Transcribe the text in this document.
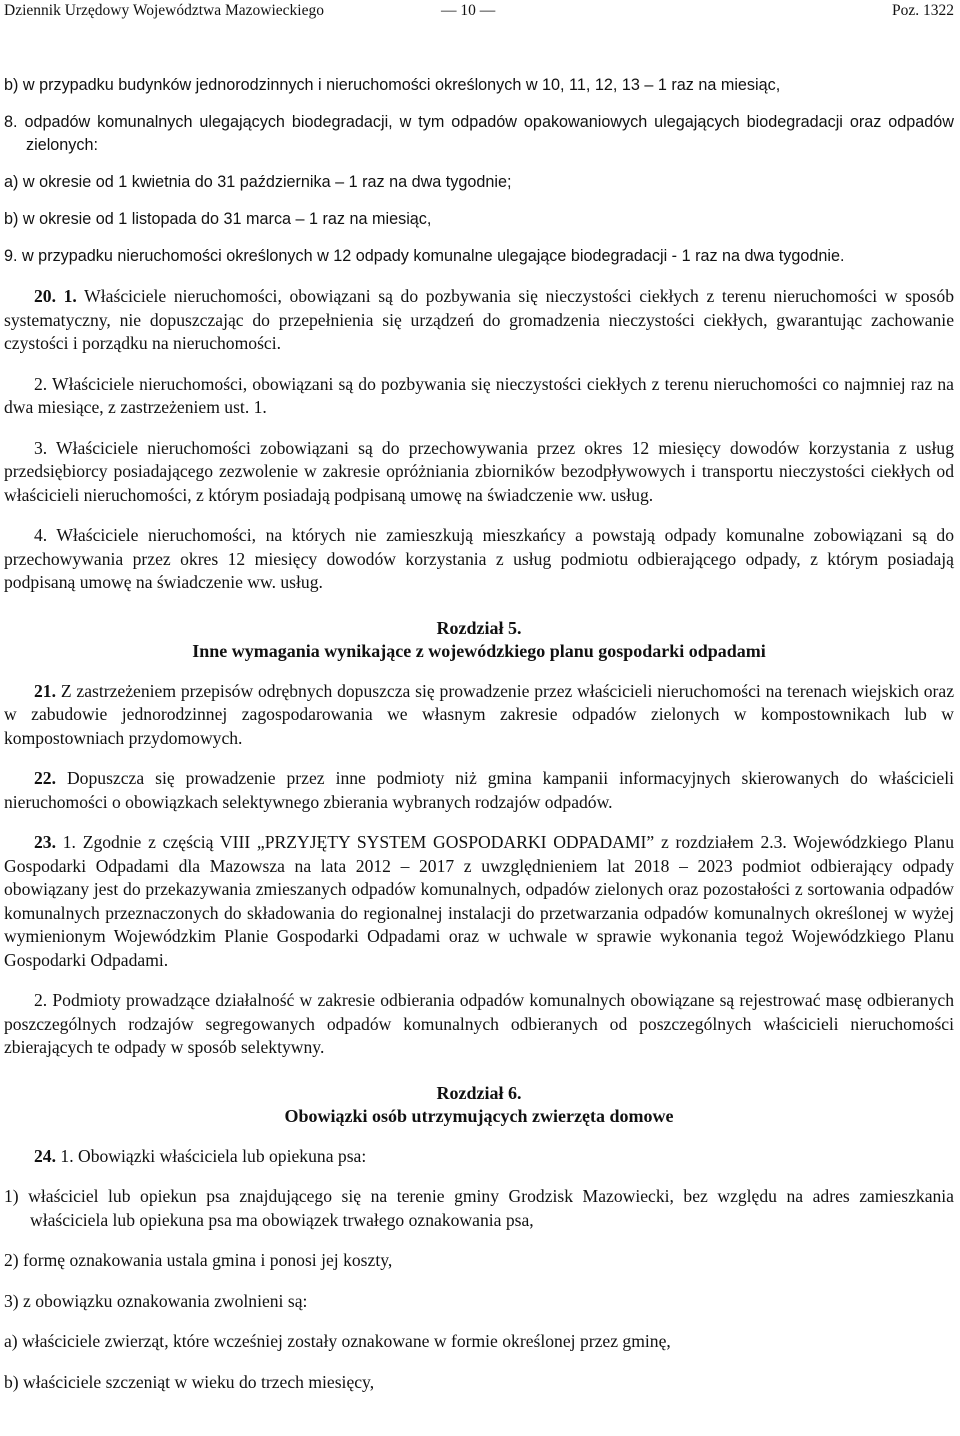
Dziennik Urzędowy Województwa Mazowieckiego	— 10 —	Poz. 1322

b) w przypadku budynków jednorodzinnych i nieruchomości określonych w 10, 11, 12, 13 – 1 raz na miesiąc,

8. odpadów komunalnych ulegających biodegradacji, w tym odpadów opakowaniowych ulegających biodegradacji oraz odpadów zielonych:

a) w okresie od 1 kwietnia do 31 października – 1 raz na dwa tygodnie;

b) w okresie od 1 listopada do 31 marca – 1 raz na miesiąc,

9. w przypadku nieruchomości określonych w 12 odpady komunalne ulegające biodegradacji - 1 raz na dwa tygodnie.

20. 1. Właściciele nieruchomości, obowiązani są do pozbywania się nieczystości ciekłych z terenu nieruchomości w sposób systematyczny, nie dopuszczając do przepełnienia się urządzeń do gromadzenia nieczystości ciekłych, gwarantując zachowanie czystości i porządku na nieruchomości.

2. Właściciele nieruchomości, obowiązani są do pozbywania się nieczystości ciekłych z terenu nieruchomości co najmniej raz na dwa miesiące, z zastrzeżeniem ust. 1.

3. Właściciele nieruchomości zobowiązani są do przechowywania przez okres 12 miesięcy dowodów korzystania z usług przedsiębiorcy posiadającego zezwolenie w zakresie opróżniania zbiorników bezodpływowych i transportu nieczystości ciekłych od właścicieli nieruchomości, z którym posiadają podpisaną umowę na świadczenie ww. usług.

4. Właściciele nieruchomości, na których nie zamieszkują mieszkańcy a powstają odpady komunalne zobowiązani są do przechowywania przez okres 12 miesięcy dowodów korzystania z usług podmiotu odbierającego odpady, z którym posiadają podpisaną umowę na świadczenie ww. usług.

Rozdział 5.
Inne wymagania wynikające z wojewódzkiego planu gospodarki odpadami

21. Z zastrzeżeniem przepisów odrębnych dopuszcza się prowadzenie przez właścicieli nieruchomości na terenach wiejskich oraz w zabudowie jednorodzinnej zagospodarowania we własnym zakresie odpadów zielonych w kompostownikach lub w kompostowniach przydomowych.

22. Dopuszcza się prowadzenie przez inne podmioty niż gmina kampanii informacyjnych skierowanych do właścicieli nieruchomości o obowiązkach selektywnego zbierania wybranych rodzajów odpadów.

23. 1. Zgodnie z częścią VIII „PRZYJĘTY SYSTEM GOSPODARKI ODPADAMI” z rozdziałem 2.3. Wojewódzkiego Planu Gospodarki Odpadami dla Mazowsza na lata 2012 – 2017 z uwzględnieniem lat 2018 – 2023 podmiot odbierający odpady obowiązany jest do przekazywania zmieszanych odpadów komunalnych, odpadów zielonych oraz pozostałości z sortowania odpadów komunalnych przeznaczonych do składowania do regionalnej instalacji do przetwarzania odpadów komunalnych określonej w wyżej wymienionym Wojewódzkim Planie Gospodarki Odpadami oraz w uchwale w sprawie wykonania tegoż Wojewódzkiego Planu Gospodarki Odpadami.

2. Podmioty prowadzące działalność w zakresie odbierania odpadów komunalnych obowiązane są rejestrować masę odbieranych poszczególnych rodzajów segregowanych odpadów komunalnych odbieranych od poszczególnych właścicieli nieruchomości zbierających te odpady w sposób selektywny.

Rozdział 6.
Obowiązki osób utrzymujących zwierzęta domowe

24. 1. Obowiązki właściciela lub opiekuna psa:

1) właściciel lub opiekun psa znajdującego się na terenie gminy Grodzisk Mazowiecki, bez względu na adres zamieszkania właściciela lub opiekuna psa ma obowiązek trwałego oznakowania psa,

2) formę oznakowania ustala gmina i ponosi jej koszty,

3) z obowiązku oznakowania zwolnieni są:

a) właściciele zwierząt, które wcześniej zostały oznakowane w formie określonej przez gminę,

b) właściciele szczeniąt w wieku do trzech miesięcy,
